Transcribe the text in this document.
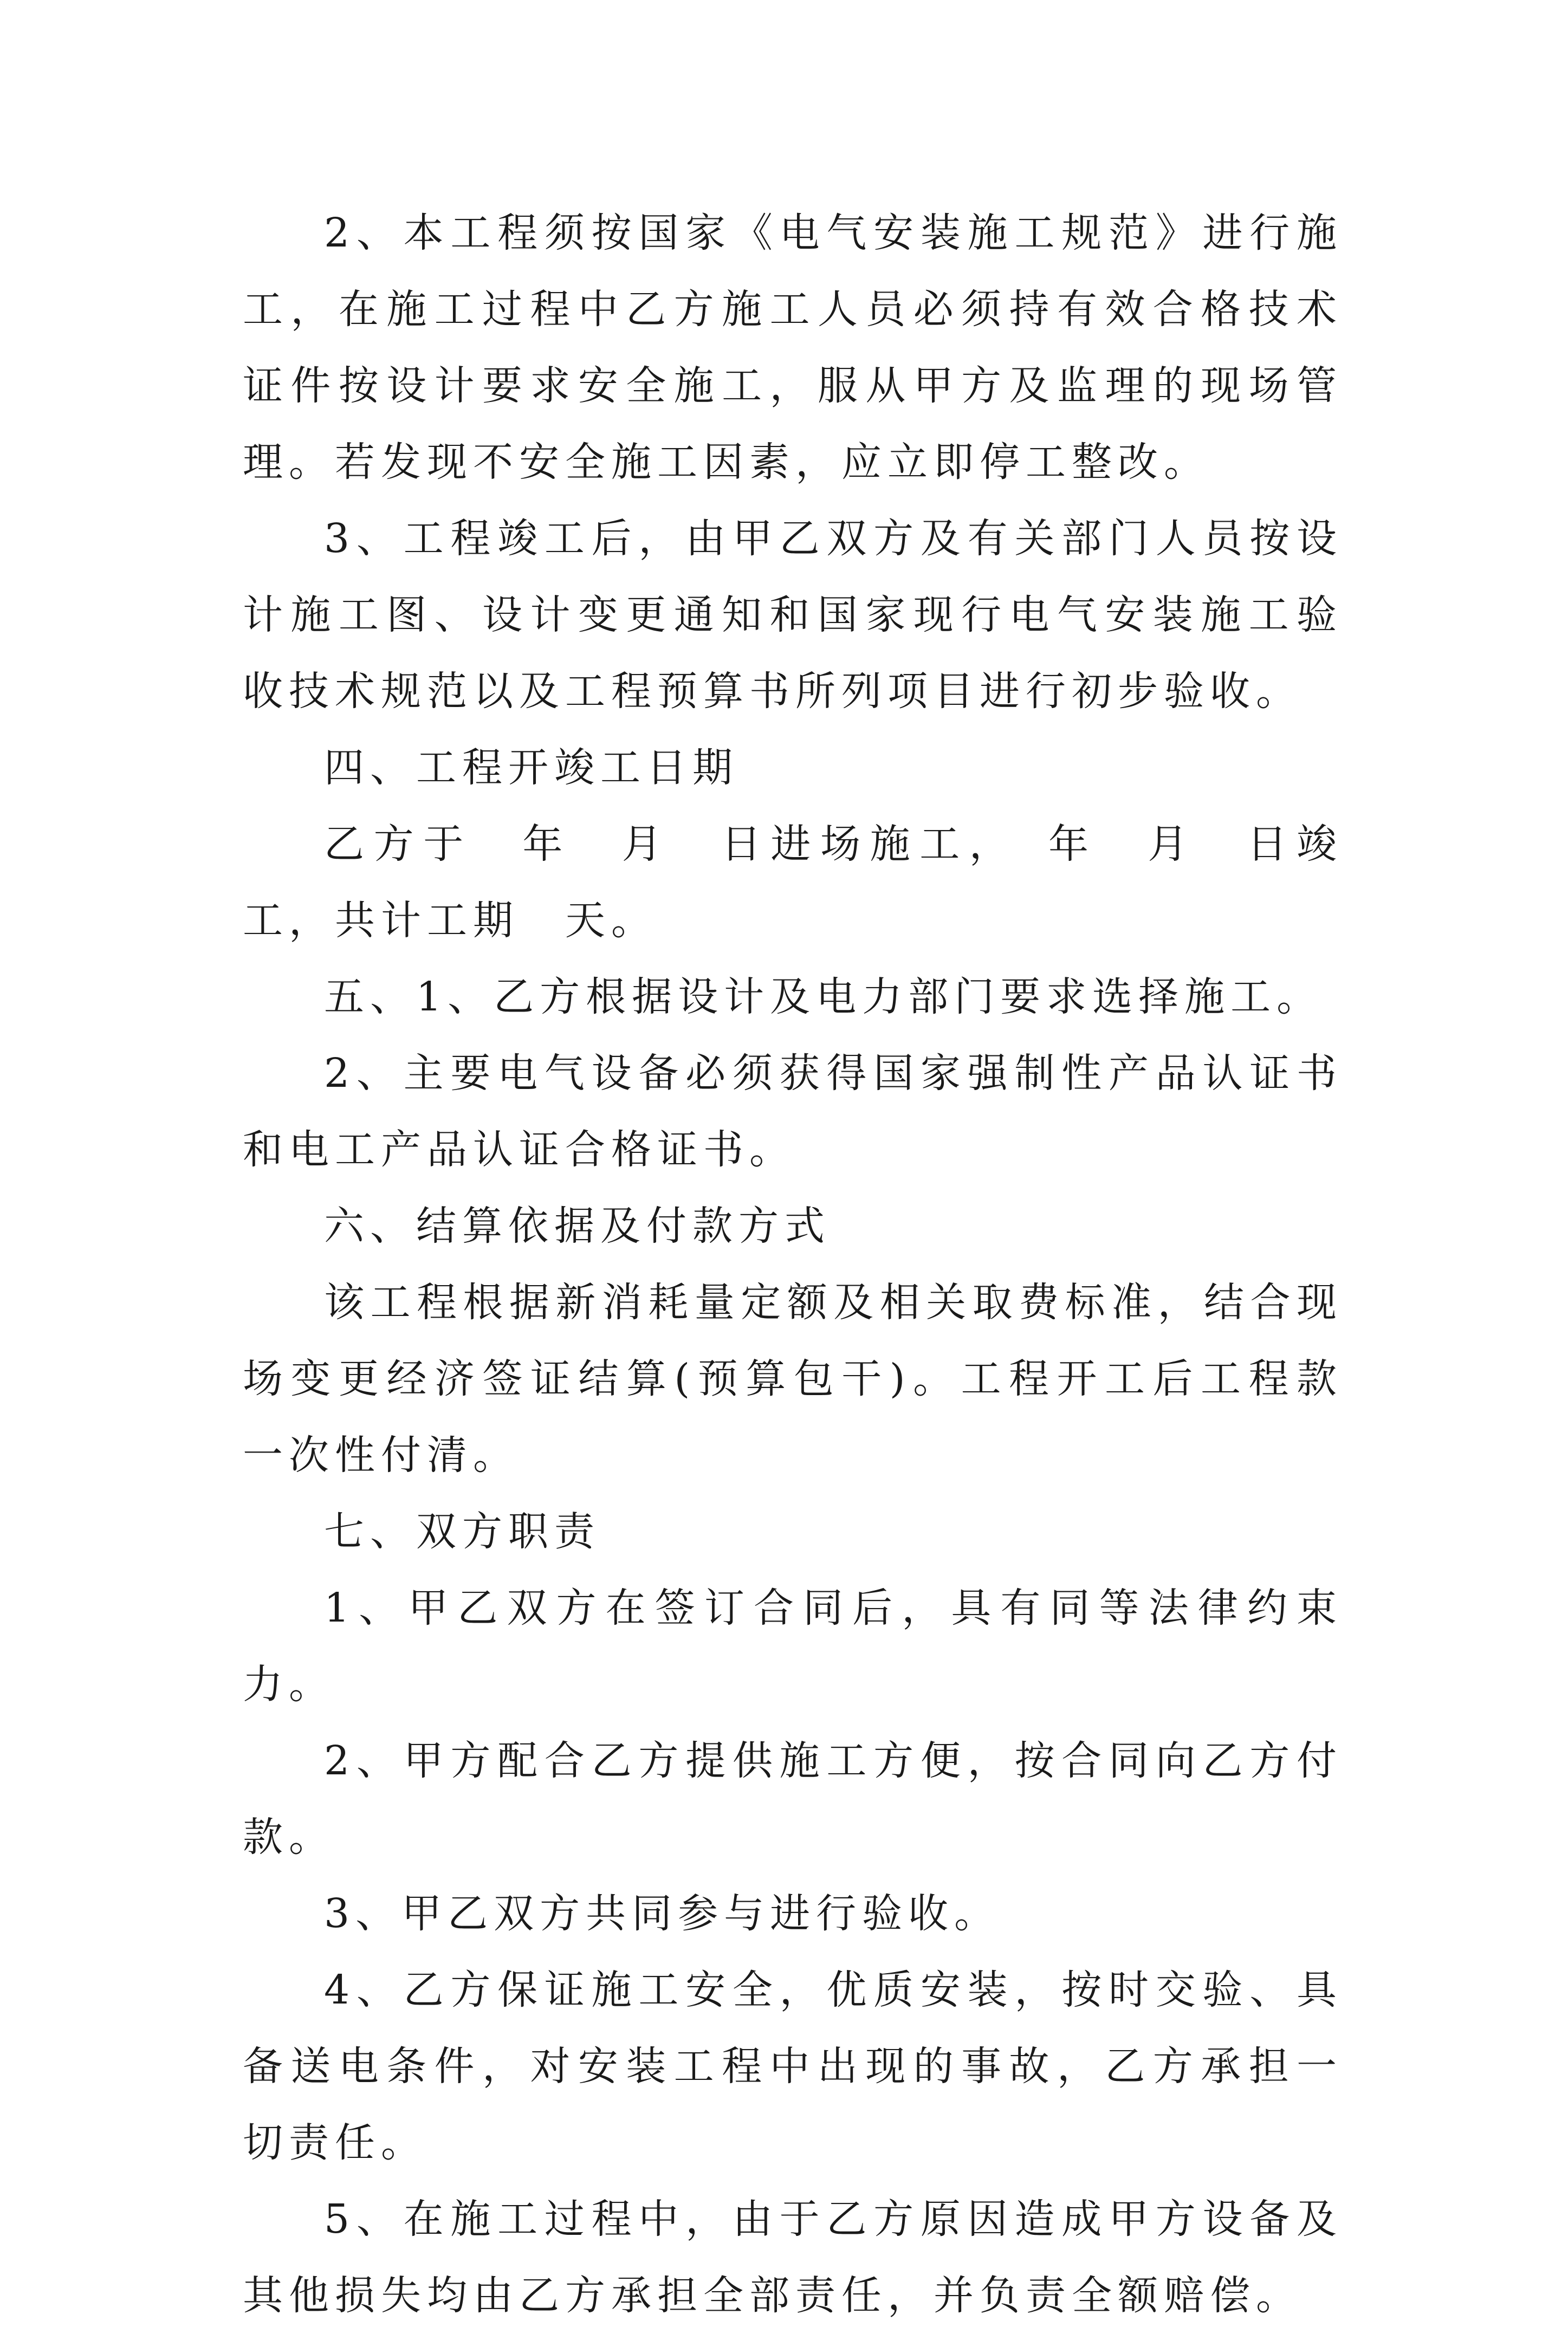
2、本工程须按国家《电气安装施工规范》进行施工，在施工过程中乙方施工人员必须持有效合格技术证件按设计要求安全施工，服从甲方及监理的现场管理。若发现不安全施工因素，应立即停工整改。

3、工程竣工后，由甲乙双方及有关部门人员按设计施工图、设计变更通知和国家现行电气安装施工验收技术规范以及工程预算书所列项目进行初步验收。

四、工程开竣工日期

乙方于　年　月　日进场施工，　年　月　日竣工，共计工期　天。

五、1、乙方根据设计及电力部门要求选择施工。

2、主要电气设备必须获得国家强制性产品认证书和电工产品认证合格证书。

六、结算依据及付款方式

该工程根据新消耗量定额及相关取费标准，结合现场变更经济签证结算(预算包干)。工程开工后工程款一次性付清。

七、双方职责

1、甲乙双方在签订合同后，具有同等法律约束力。

2、甲方配合乙方提供施工方便，按合同向乙方付款。

3、甲乙双方共同参与进行验收。

4、乙方保证施工安全，优质安装，按时交验、具备送电条件，对安装工程中出现的事故，乙方承担一切责任。

5、在施工过程中，由于乙方原因造成甲方设备及其他损失均由乙方承担全部责任，并负责全额赔偿。
